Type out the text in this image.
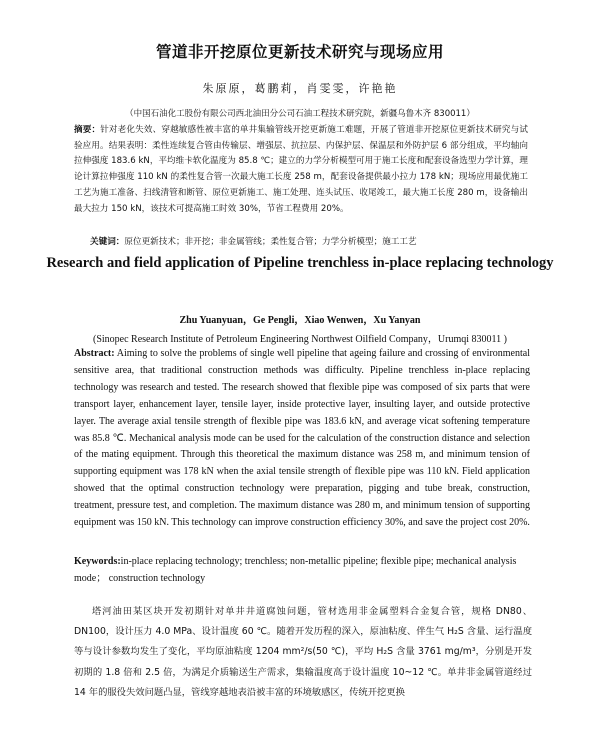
管道非开挖原位更新技术研究与现场应用
朱原原，葛鹏莉，肖雯雯，许艳艳
（中国石油化工股份有限公司西北油田分公司石油工程技术研究院，新疆乌鲁木齐 830011）
摘要：针对老化失效、穿越敏感性被丰富的单井集输管线开挖更新施工难题，开展了管道非开挖原位更新技术研究与试验应用。结果表明：柔性连续复合管由传输层、增强层、抗拉层、内保护层、保温层和外防护层 6 部分组成，平均轴向拉伸强度 183.6 kN，平均维卡软化温度为 85.8 ℃；建立的力学分析模型可用于施工长度和配套设备选型力学计算，理论计算拉伸强度 110 kN 的柔性复合管一次最大施工长度 258 m，配套设备提供最小拉力 178 kN；现场应用最优施工工艺为施工准备、扫线清管和断管、原位更新施工、施工处理、连头试压、收尾竣工，最大施工长度 280 m，设备输出最大拉力 150 kN，该技术可提高施工时效 30%，节省工程费用 20%。
关键词：原位更新技术；非开挖；非金属管线；柔性复合管；力学分析模型；施工工艺
Research and field application of Pipeline trenchless in-place replacing technology
Zhu Yuanyuan，Ge Pengli，Xiao Wenwen，Xu Yanyan
(Sinopec Research Institute of Petroleum Engineering Northwest Oilfield Company，Urumqi 830011 )
Abstract: Aiming to solve the problems of single well pipeline that ageing failure and crossing of environmental sensitive area, that traditional construction methods was difficulty. Pipeline trenchless in-place replacing technology was research and tested. The research showed that flexible pipe was composed of six parts that were transport layer, enhancement layer, tensile layer, inside protective layer, insulting layer, and outside protective layer. The average axial tensile strength of flexible pipe was 183.6 kN, and average vicat softening temperature was 85.8 ℃. Mechanical analysis mode can be used for the calculation of the construction distance and selection of the mating equipment. Through this theoretical the maximum distance was 258 m, and minimum tension of supporting equipment was 178 kN when the axial tensile strength of flexible pipe was 110 kN. Field application showed that the optimal construction technology were preparation, pigging and tube break, construction, treatment, pressure test, and completion. The maximum distance was 280 m, and minimum tension of supporting equipment was 150 kN. This technology can improve construction efficiency 30%, and save the project cost 20%.
Keywords:in-place replacing technology; trenchless; non-metallic pipeline; flexible pipe; mechanical analysis mode； construction technology
塔河油田某区块开发初期针对单井井道腐蚀问题，管材选用非金属塑料合金复合管，规格 DN80、DN100，设计压力 4.0 MPa、设计温度 60 ℃。随着开发历程的深入，原油粘度、伴生气 H₂S 含量、运行温度等与设计参数均发生了变化，平均原油粘度 1204 mm²/s(50 ℃)，平均 H₂S 含量 3761 mg/m³，分别是开发初期的 1.8 倍和 2.5 倍，为满足介质输送生产需求，集输温度高于设计温度 10~12 ℃。单井非金属管道经过 14 年的服役失效问题凸显，管线穿越地表沿被丰富的环境敏感区，传统开挖更换
